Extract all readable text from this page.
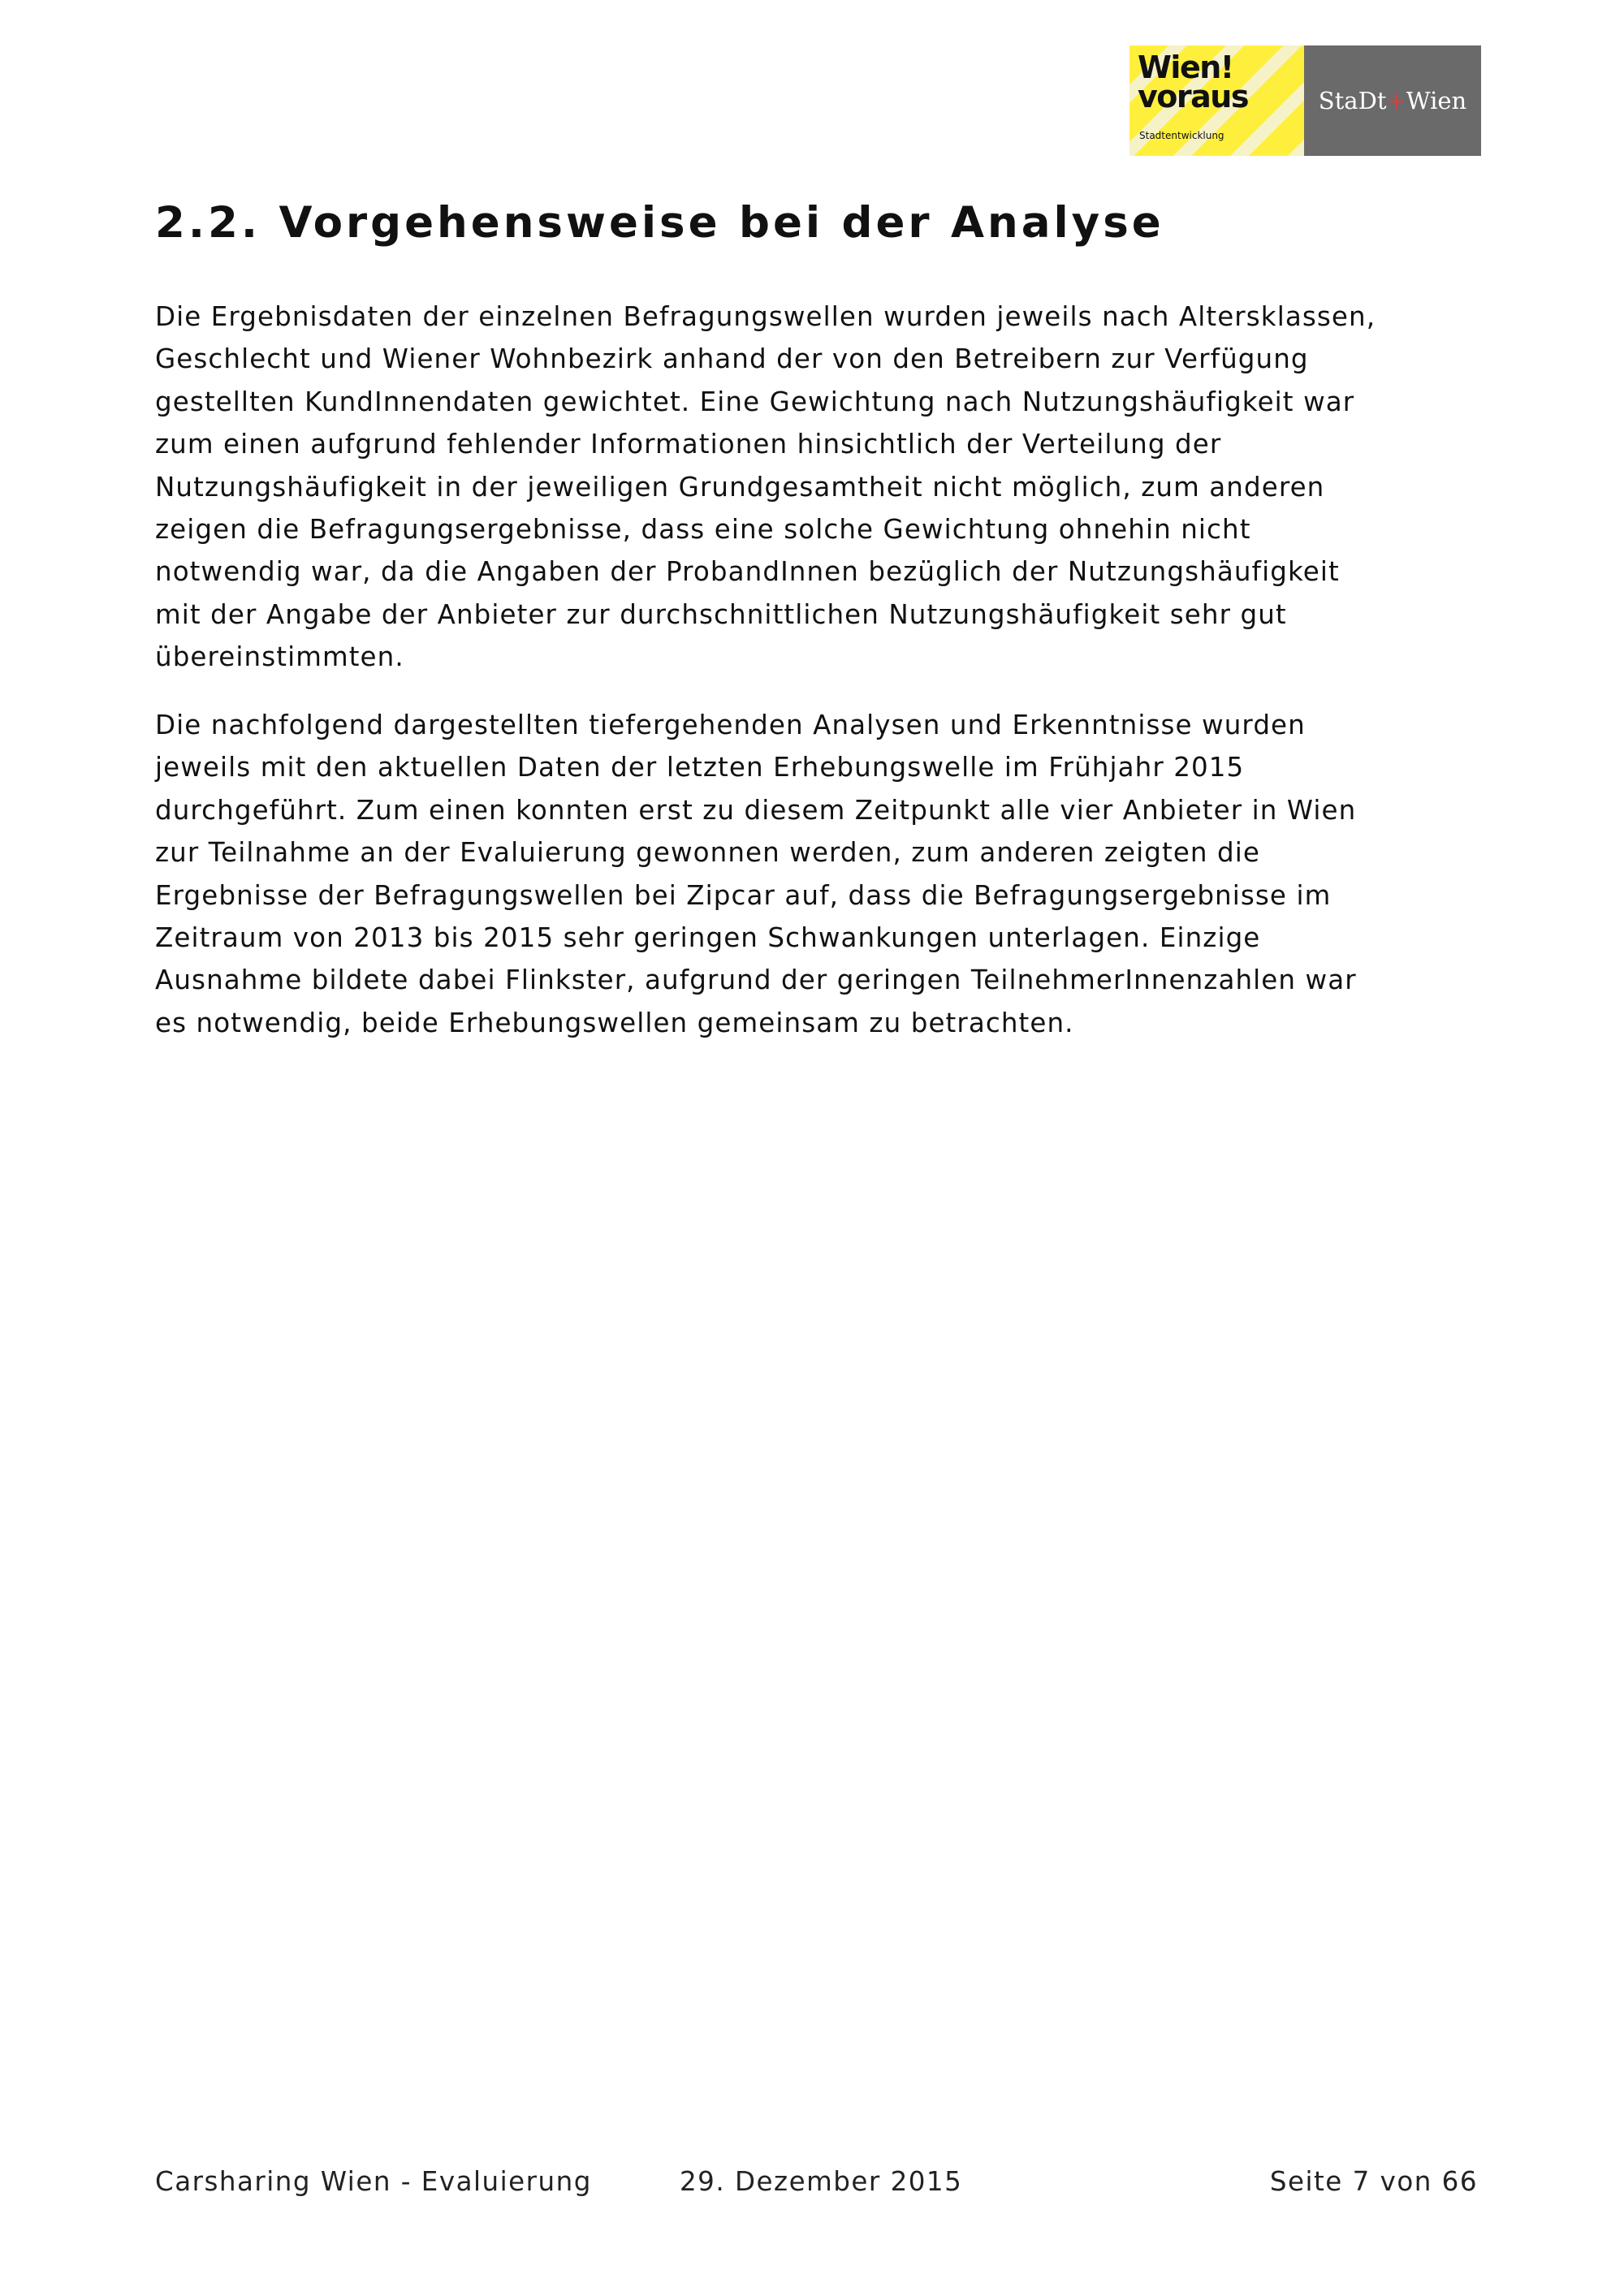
Wien!
voraus
Stadtentwicklung
StaDt + Wien
2.2. Vorgehensweise bei der Analyse
Die Ergebnisdaten der einzelnen Befragungswellen wurden jeweils nach Altersklassen,
Geschlecht und Wiener Wohnbezirk anhand der von den Betreibern zur Verfügung
gestellten KundInnendaten gewichtet. Eine Gewichtung nach Nutzungshäufigkeit war
zum einen aufgrund fehlender Informationen hinsichtlich der Verteilung der
Nutzungshäufigkeit in der jeweiligen Grundgesamtheit nicht möglich, zum anderen
zeigen die Befragungsergebnisse, dass eine solche Gewichtung ohnehin nicht
notwendig war, da die Angaben der ProbandInnen bezüglich der Nutzungshäufigkeit
mit der Angabe der Anbieter zur durchschnittlichen Nutzungshäufigkeit sehr gut
übereinstimmten.
Die nachfolgend dargestellten tiefergehenden Analysen und Erkenntnisse wurden
jeweils mit den aktuellen Daten der letzten Erhebungswelle im Frühjahr 2015
durchgeführt. Zum einen konnten erst zu diesem Zeitpunkt alle vier Anbieter in Wien
zur Teilnahme an der Evaluierung gewonnen werden, zum anderen zeigten die
Ergebnisse der Befragungswellen bei Zipcar auf, dass die Befragungsergebnisse im
Zeitraum von 2013 bis 2015 sehr geringen Schwankungen unterlagen. Einzige
Ausnahme bildete dabei Flinkster, aufgrund der geringen TeilnehmerInnenzahlen war
es notwendig, beide Erhebungswellen gemeinsam zu betrachten.
Carsharing Wien - Evaluierung	29. Dezember 2015	Seite 7 von 66
